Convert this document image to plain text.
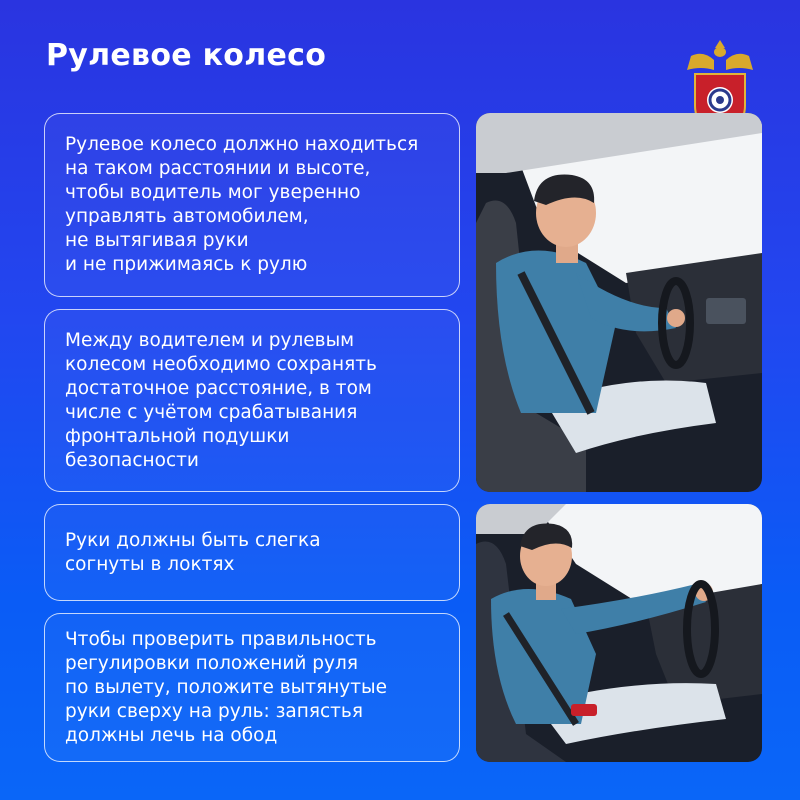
Рулевое колесо

Рулевое колесо должно находиться
на таком расстоянии и высоте,
чтобы водитель мог уверенно
управлять автомобилем,
не вытягивая руки
и не прижимаясь к рулю

Между водителем и рулевым
колесом необходимо сохранять
достаточное расстояние, в том
числе с учётом срабатывания
фронтальной подушки
безопасности

Руки должны быть слегка
согнуты в локтях

Чтобы проверить правильность
регулировки положений руля
по вылету, положите вытянутые
руки сверху на руль: запястья
должны лечь на обод
